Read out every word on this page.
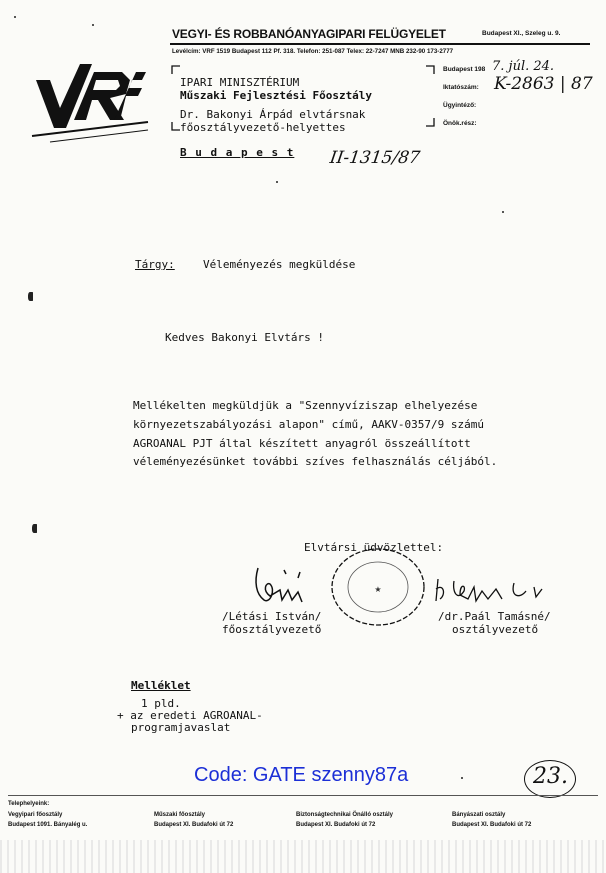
VEGYI- ÉS ROBBANÓANYAGIPARI FELÜGYELET	Budapest XI., Szeleg u. 9.
Levélcím: VRF 1519 Budapest 112 Pf. 318. Telefon: 251-087 Telex: 22-7247 MNB 232-90 173-2777
IPARI MINISZTÉRIUM
Műszaki Fejlesztési Főosztály
Dr. Bakonyi Árpád elvtársnak
főosztályvezető-helyettes
B u d a p e s t
Budapest 198 7. júl. 24.
Iktatószám: K-2863 | 87
Ügyintéző:
Önök.rész:
II-1315/87
Tárgy:	Véleményezés megküldése
Kedves Bakonyi Elvtárs !
Mellékelten megküldjük a "Szennyvíziszap elhelyezése
környezetszabályozási alapon" című, AAKV-0357/9 számú
AGROANAL PJT által készített anyagról összeállított
véleményezésünket további szíves felhasználás céljából.
Elvtársi üdvözlettel:
★
/Létási István/
főosztályvezető
/dr.Paál Tamásné/
osztályvezető
Melléklet
1 pld.
+ az eredeti AGROANAL-
programjavaslat
Code: GATE szenny87a	23.
Telephelyeink:
Vegyipari főosztály
Budapest 1091. Bányalég u.
Műszaki főosztály
Budapest XI. Budafoki út 72
Biztonságtechnikai Önálló osztály
Budapest XI. Budafoki út 72
Bányászati osztály
Budapest XI. Budafoki út 72
